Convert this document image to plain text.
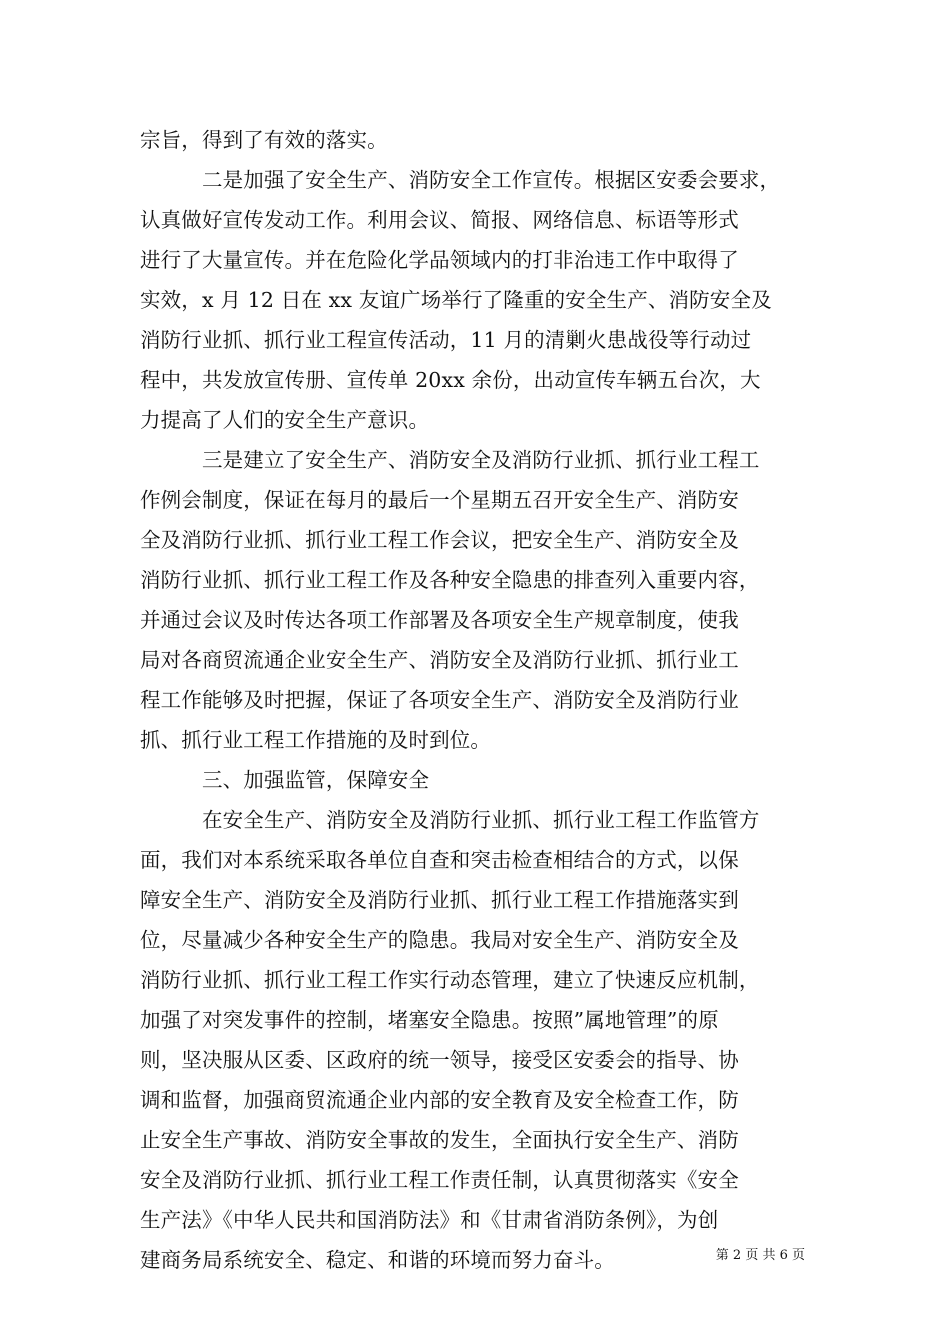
宗旨，得到了有效的落实。
二是加强了安全生产、消防安全工作宣传。根据区安委会要求，
认真做好宣传发动工作。利用会议、简报、网络信息、标语等形式
进行了大量宣传。并在危险化学品领域内的打非治违工作中取得了
实效，x 月 12 日在 xx 友谊广场举行了隆重的安全生产、消防安全及
消防行业抓、抓行业工程宣传活动，11 月的清剿火患战役等行动过
程中，共发放宣传册、宣传单 20xx 余份，出动宣传车辆五台次，大
力提高了人们的安全生产意识。
三是建立了安全生产、消防安全及消防行业抓、抓行业工程工
作例会制度，保证在每月的最后一个星期五召开安全生产、消防安
全及消防行业抓、抓行业工程工作会议，把安全生产、消防安全及
消防行业抓、抓行业工程工作及各种安全隐患的排查列入重要内容，
并通过会议及时传达各项工作部署及各项安全生产规章制度，使我
局对各商贸流通企业安全生产、消防安全及消防行业抓、抓行业工
程工作能够及时把握，保证了各项安全生产、消防安全及消防行业
抓、抓行业工程工作措施的及时到位。
三、加强监管，保障安全
在安全生产、消防安全及消防行业抓、抓行业工程工作监管方
面，我们对本系统采取各单位自查和突击检查相结合的方式，以保
障安全生产、消防安全及消防行业抓、抓行业工程工作措施落实到
位，尽量减少各种安全生产的隐患。我局对安全生产、消防安全及
消防行业抓、抓行业工程工作实行动态管理，建立了快速反应机制，
加强了对突发事件的控制，堵塞安全隐患。按照”属地管理”的原
则，坚决服从区委、区政府的统一领导，接受区安委会的指导、协
调和监督，加强商贸流通企业内部的安全教育及安全检查工作，防
止安全生产事故、消防安全事故的发生，全面执行安全生产、消防
安全及消防行业抓、抓行业工程工作责任制，认真贯彻落实《安全
生产法》《中华人民共和国消防法》和《甘肃省消防条例》，为创
建商务局系统安全、稳定、和谐的环境而努力奋斗。	第 2 页 共 6 页
